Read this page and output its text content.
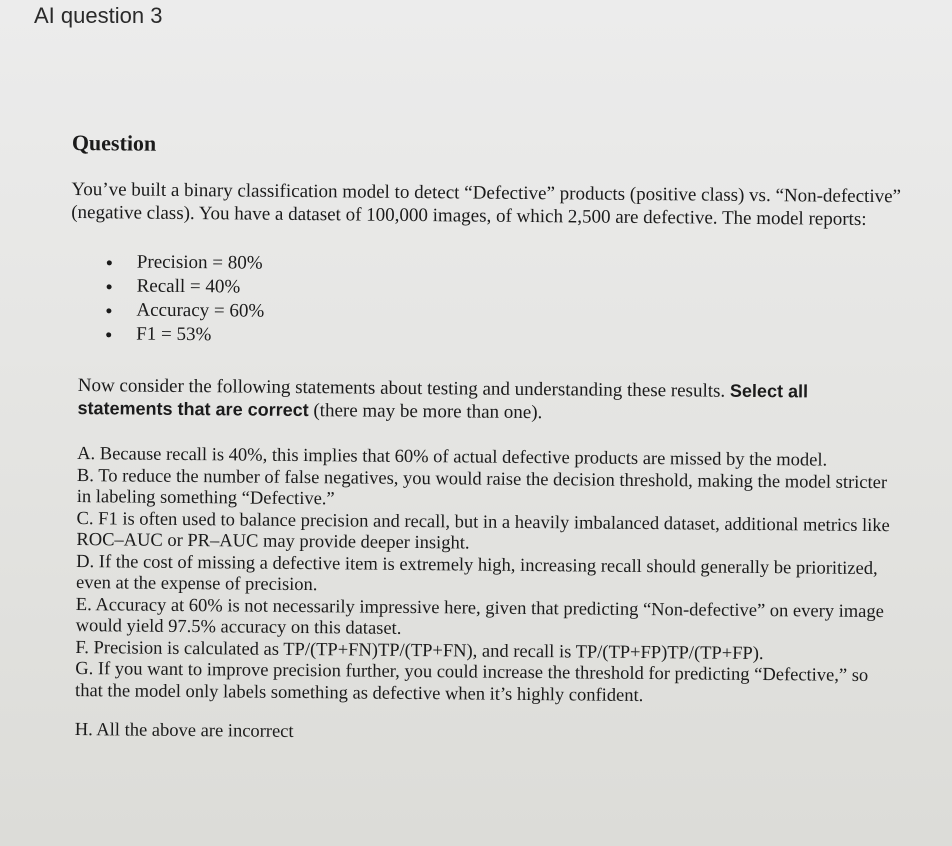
AI question 3
Question

You’ve built a binary classification model to detect “Defective” products (positive class) vs. “Non-defective” (negative class). You have a dataset of 100,000 images, of which 2,500 are defective. The model reports:

Precision = 80%
Recall = 40%
Accuracy = 60%
F1 = 53%

Now consider the following statements about testing and understanding these results. Select all statements that are correct (there may be more than one).

A. Because recall is 40%, this implies that 60% of actual defective products are missed by the model.

B. To reduce the number of false negatives, you would raise the decision threshold, making the model stricter in labeling something “Defective.”

C. F1 is often used to balance precision and recall, but in a heavily imbalanced dataset, additional metrics like ROC–AUC or PR–AUC may provide deeper insight.

D. If the cost of missing a defective item is extremely high, increasing recall should generally be prioritized, even at the expense of precision.

E. Accuracy at 60% is not necessarily impressive here, given that predicting “Non-defective” on every image would yield 97.5% accuracy on this dataset.

F. Precision is calculated as TP/(TP+FN)TP/(TP+FN), and recall is TP/(TP+FP)TP/(TP+FP).

G. If you want to improve precision further, you could increase the threshold for predicting “Defective,” so that the model only labels something as defective when it’s highly confident.

H. All the above are incorrect
